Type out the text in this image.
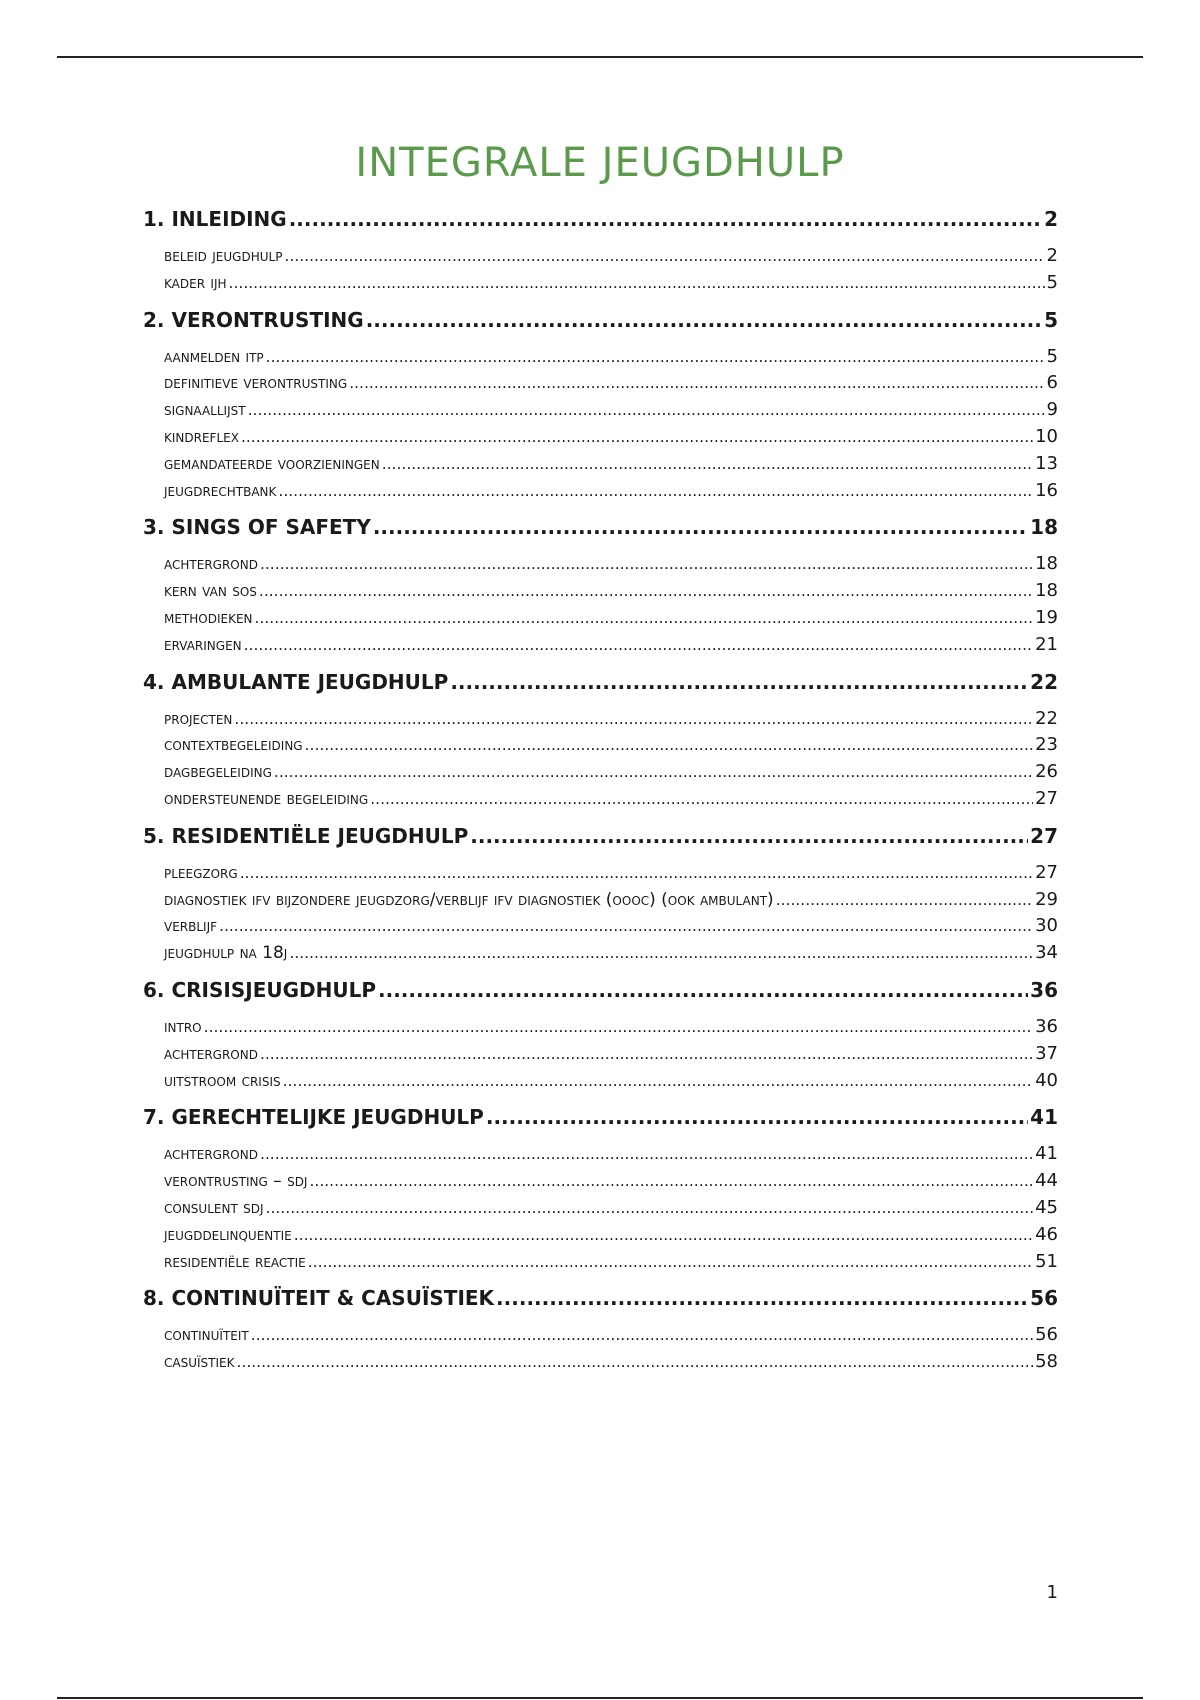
INTEGRALE JEUGDHULP
1. INLEIDING .....	2
beleid jeugdhulp .....	2
kader ijh .....	5
2. VERONTRUSTING .....	5
aanmelden itp .....	5
definitieve verontrusting .....	6
signaallijst .....	9
kindreflex .....	10
gemandateerde voorzieningen .....	13
jeugdrechtbank .....	16
3. SINGS OF SAFETY .....	18
achtergrond .....	18
kern van sos .....	18
methodieken .....	19
ervaringen .....	21
4. AMBULANTE JEUGDHULP .....	22
projecten .....	22
contextbegeleiding .....	23
dagbegeleiding .....	26
ondersteunende begeleiding .....	27
5. RESIDENTIËLE JEUGDHULP .....	27
pleegzorg .....	27
diagnostiek ifv bijzondere jeugdzorg/verblijf ifv diagnostiek (oooc) (ook ambulant) .....	29
verblijf .....	30
jeugdhulp na 18j .....	34
6. CRISISJEUGDHULP .....	36
intro .....	36
achtergrond .....	37
uitstroom crisis .....	40
7. GERECHTELIJKE JEUGDHULP .....	41
achtergrond .....	41
verontrusting – sdj .....	44
consulent sdj .....	45
jeugddelinquentie .....	46
residentiële reactie .....	51
8. CONTINUÏTEIT & CASUÏSTIEK .....	56
continuïteit .....	56
casuïstiek .....	58
1
